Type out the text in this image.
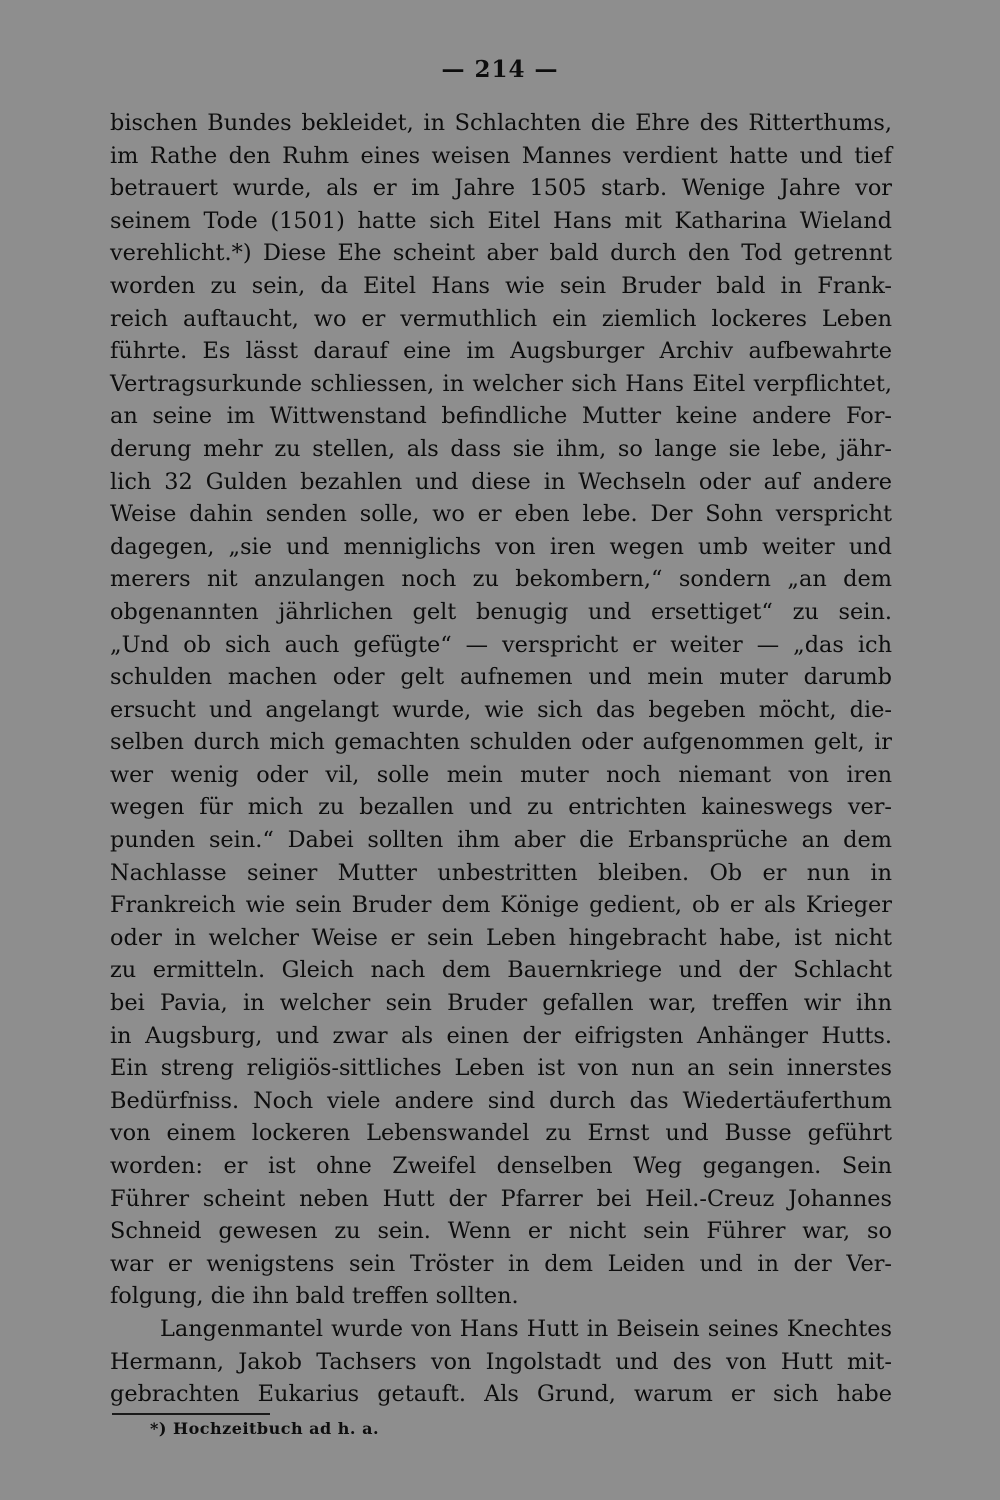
— 214 —
bischen Bundes bekleidet, in Schlachten die Ehre des Ritterthums,
im Rathe den Ruhm eines weisen Mannes verdient hatte und tief
betrauert wurde, als er im Jahre 1505 starb. Wenige Jahre vor
seinem Tode (1501) hatte sich Eitel Hans mit Katharina Wieland
verehlicht.*) Diese Ehe scheint aber bald durch den Tod getrennt
worden zu sein, da Eitel Hans wie sein Bruder bald in Frank-
reich auftaucht, wo er vermuthlich ein ziemlich lockeres Leben
führte. Es lässt darauf eine im Augsburger Archiv aufbewahrte
Vertragsurkunde schliessen, in welcher sich Hans Eitel verpflichtet,
an seine im Wittwenstand befindliche Mutter keine andere For-
derung mehr zu stellen, als dass sie ihm, so lange sie lebe, jähr-
lich 32 Gulden bezahlen und diese in Wechseln oder auf andere
Weise dahin senden solle, wo er eben lebe. Der Sohn verspricht
dagegen, „sie und menniglichs von iren wegen umb weiter und
merers nit anzulangen noch zu bekombern,“ sondern „an dem
obgenannten jährlichen gelt benugig und ersettiget“ zu sein.
„Und ob sich auch gefügte“ — verspricht er weiter — „das ich
schulden machen oder gelt aufnemen und mein muter darumb
ersucht und angelangt wurde, wie sich das begeben möcht, die-
selben durch mich gemachten schulden oder aufgenommen gelt, ir
wer wenig oder vil, solle mein muter noch niemant von iren
wegen für mich zu bezallen und zu entrichten kaineswegs ver-
punden sein.“ Dabei sollten ihm aber die Erbansprüche an dem
Nachlasse seiner Mutter unbestritten bleiben. Ob er nun in
Frankreich wie sein Bruder dem Könige gedient, ob er als Krieger
oder in welcher Weise er sein Leben hingebracht habe, ist nicht
zu ermitteln. Gleich nach dem Bauernkriege und der Schlacht
bei Pavia, in welcher sein Bruder gefallen war, treffen wir ihn
in Augsburg, und zwar als einen der eifrigsten Anhänger Hutts.
Ein streng religiös-sittliches Leben ist von nun an sein innerstes
Bedürfniss. Noch viele andere sind durch das Wiedertäuferthum
von einem lockeren Lebenswandel zu Ernst und Busse geführt
worden: er ist ohne Zweifel denselben Weg gegangen. Sein
Führer scheint neben Hutt der Pfarrer bei Heil.-Creuz Johannes
Schneid gewesen zu sein. Wenn er nicht sein Führer war, so
war er wenigstens sein Tröster in dem Leiden und in der Ver-
folgung, die ihn bald treffen sollten.
Langenmantel wurde von Hans Hutt in Beisein seines Knechtes
Hermann, Jakob Tachsers von Ingolstadt und des von Hutt mit-
gebrachten Eukarius getauft. Als Grund, warum er sich habe
*) Hochzeitbuch ad h. a.
